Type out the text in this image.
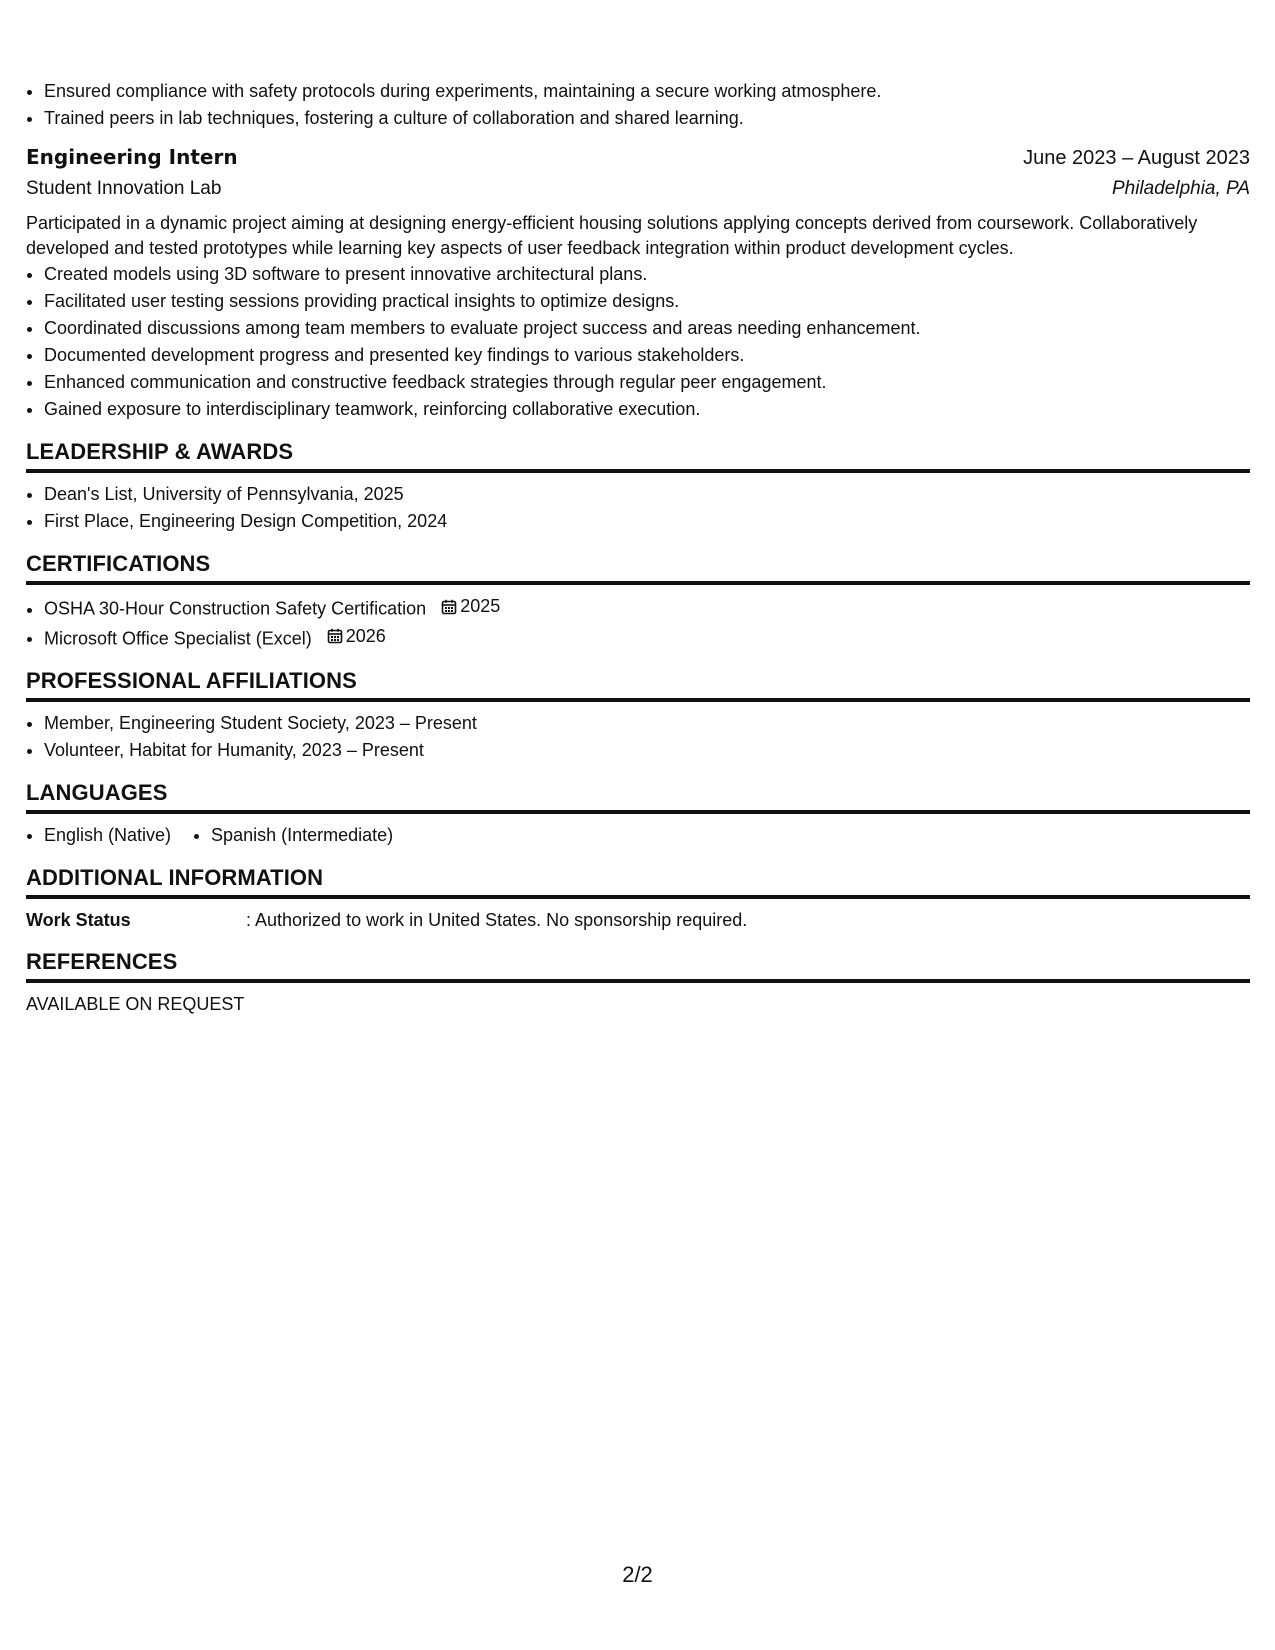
• Ensured compliance with safety protocols during experiments, maintaining a secure working atmosphere.
• Trained peers in lab techniques, fostering a culture of collaboration and shared learning.
Engineering Intern	June 2023 – August 2023
Student Innovation Lab	Philadelphia, PA

Participated in a dynamic project aiming at designing energy-efficient housing solutions applying concepts derived from coursework. Collaboratively developed and tested prototypes while learning key aspects of user feedback integration within product development cycles.

• Created models using 3D software to present innovative architectural plans.
• Facilitated user testing sessions providing practical insights to optimize designs.
• Coordinated discussions among team members to evaluate project success and areas needing enhancement.
• Documented development progress and presented key findings to various stakeholders.
• Enhanced communication and constructive feedback strategies through regular peer engagement.
• Gained exposure to interdisciplinary teamwork, reinforcing collaborative execution.
LEADERSHIP & AWARDS
• Dean's List, University of Pennsylvania, 2025
• First Place, Engineering Design Competition, 2024
CERTIFICATIONS
• OSHA 30-Hour Construction Safety Certification 2025
• Microsoft Office Specialist (Excel) 2026
PROFESSIONAL AFFILIATIONS
• Member, Engineering Student Society, 2023 – Present
• Volunteer, Habitat for Humanity, 2023 – Present
LANGUAGES
• English (Native)
• Spanish (Intermediate)
ADDITIONAL INFORMATION
Work Status	: Authorized to work in United States. No sponsorship required.
REFERENCES
AVAILABLE ON REQUEST
2/2
